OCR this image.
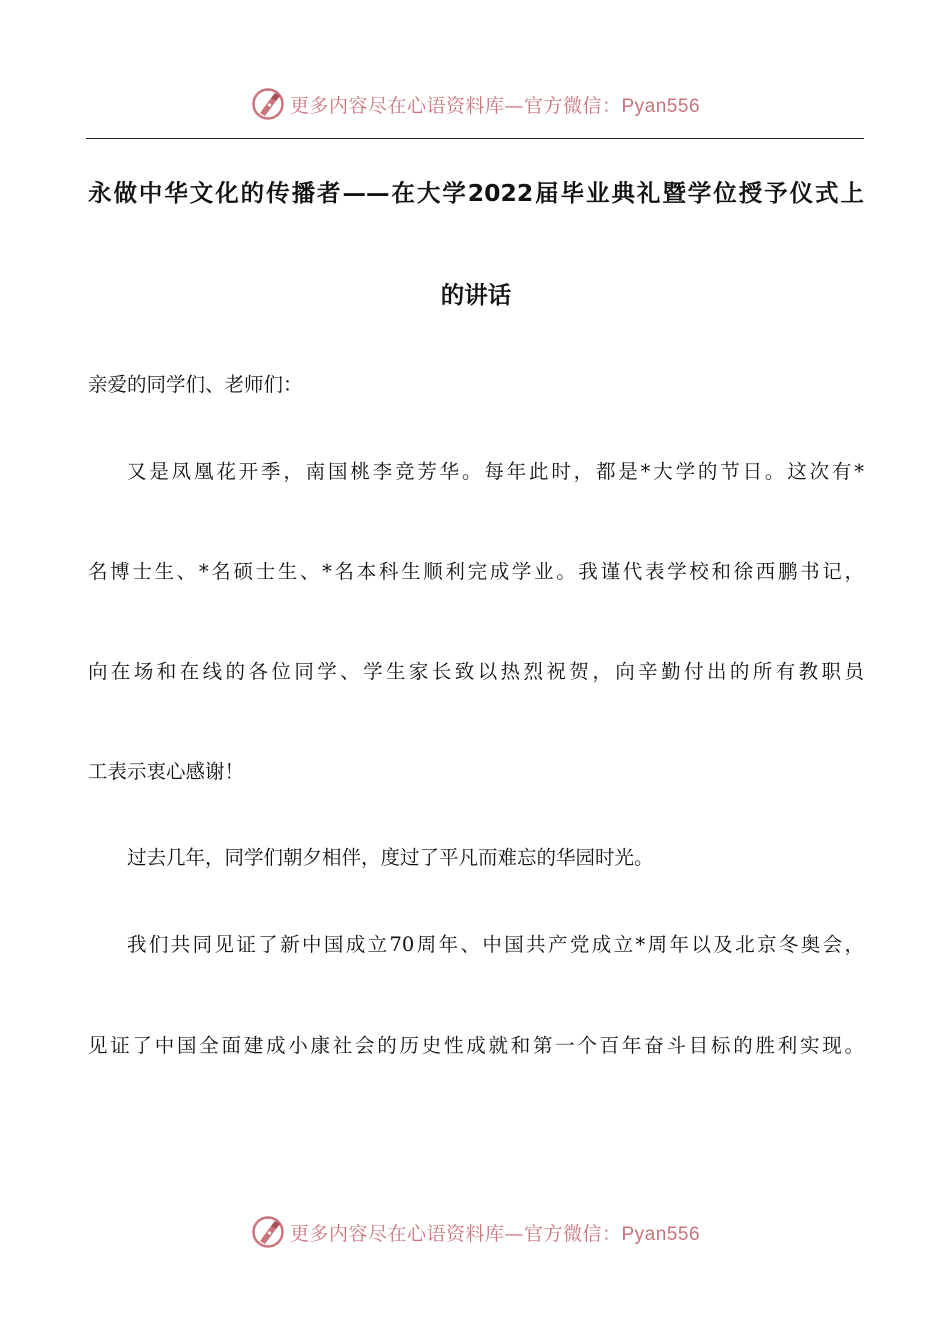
更多内容尽在心语资料库—官方微信：Pyan556
永做中华文化的传播者——在大学2022届毕业典礼暨学位授予仪式上
的讲话
亲爱的同学们、老师们：
又是凤凰花开季，南国桃李竞芳华。每年此时，都是*大学的节日。这次有*
名博士生、*名硕士生、*名本科生顺利完成学业。我谨代表学校和徐西鹏书记，
向在场和在线的各位同学、学生家长致以热烈祝贺，向辛勤付出的所有教职员
工表示衷心感谢！
过去几年，同学们朝夕相伴，度过了平凡而难忘的华园时光。
我们共同见证了新中国成立70周年、中国共产党成立*周年以及北京冬奥会，
见证了中国全面建成小康社会的历史性成就和第一个百年奋斗目标的胜利实现。
更多内容尽在心语资料库—官方微信：Pyan556
